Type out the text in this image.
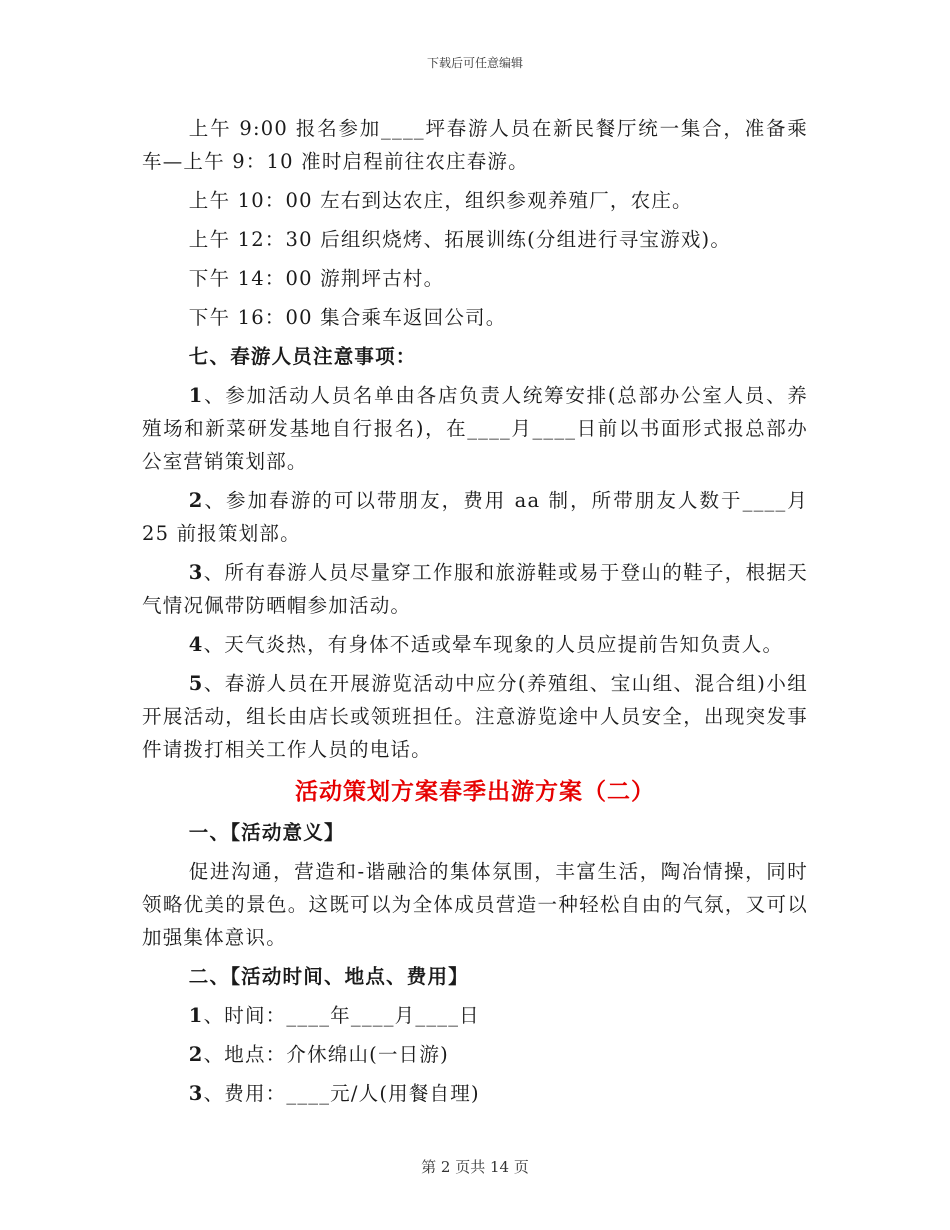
下载后可任意编辑

上午 9:00 报名参加____坪春游人员在新民餐厅统一集合，准备乘车—上午 9：10 准时启程前往农庄春游。

上午 10：00 左右到达农庄，组织参观养殖厂，农庄。

上午 12：30 后组织烧烤、拓展训练(分组进行寻宝游戏)。

下午 14：00 游荆坪古村。

下午 16：00 集合乘车返回公司。

七、春游人员注意事项：

1、参加活动人员名单由各店负责人统筹安排(总部办公室人员、养殖场和新菜研发基地自行报名)，在____月____日前以书面形式报总部办公室营销策划部。

2、参加春游的可以带朋友，费用 aa 制，所带朋友人数于____月 25 前报策划部。

3、所有春游人员尽量穿工作服和旅游鞋或易于登山的鞋子，根据天气情况佩带防晒帽参加活动。

4、天气炎热，有身体不适或晕车现象的人员应提前告知负责人。

5、春游人员在开展游览活动中应分(养殖组、宝山组、混合组)小组开展活动，组长由店长或领班担任。注意游览途中人员安全，出现突发事件请拨打相关工作人员的电话。

活动策划方案春季出游方案（二）

一、【活动意义】

促进沟通，营造和-谐融洽的集体氛围，丰富生活，陶冶情操，同时领略优美的景色。这既可以为全体成员营造一种轻松自由的气氛，又可以加强集体意识。

二、【活动时间、地点、费用】

1、时间：____年____月____日

2、地点：介休绵山(一日游)

3、费用：____元/人(用餐自理)

第 2 页共 14 页
